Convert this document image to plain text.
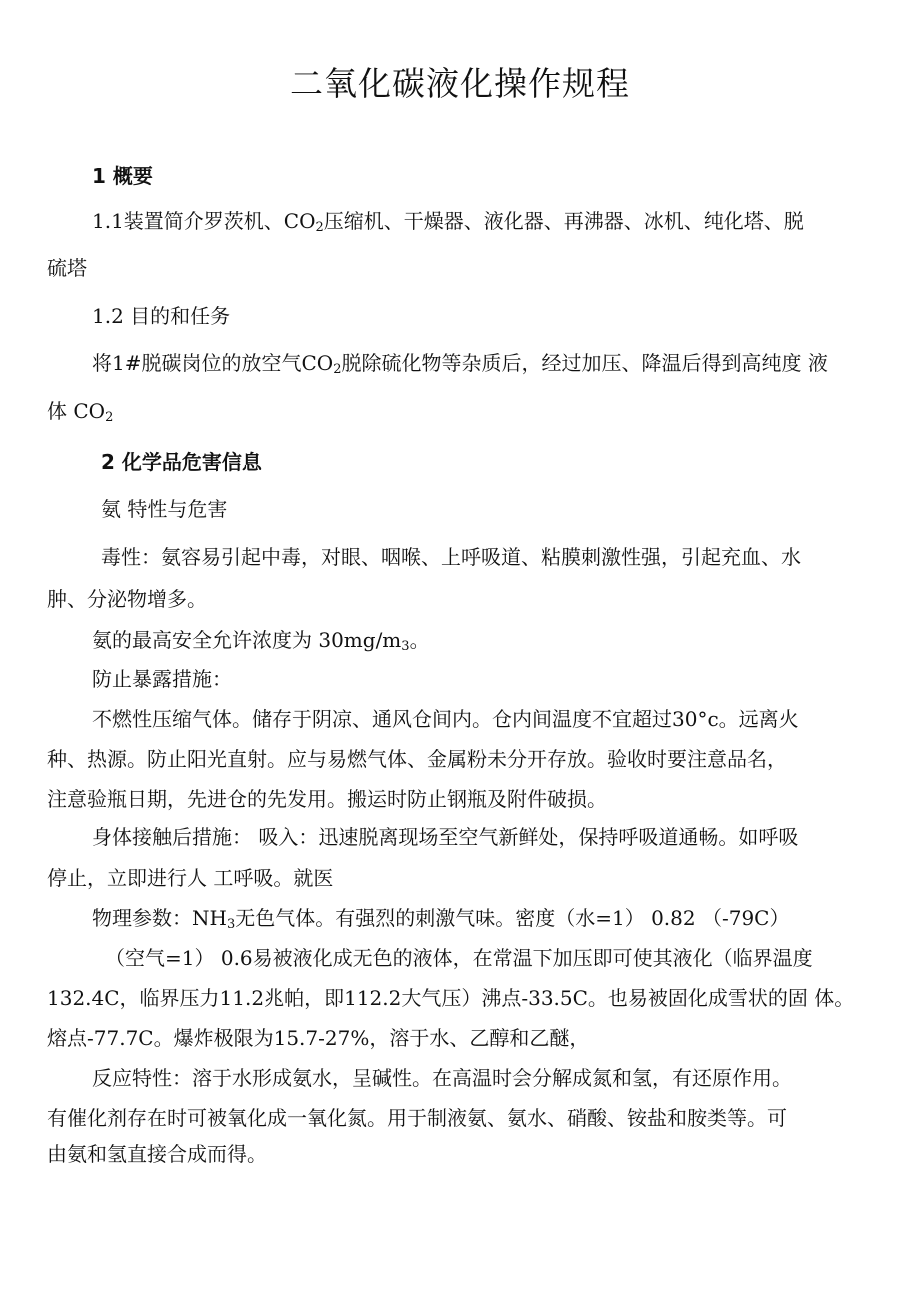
二氧化碳液化操作规程
1 概要
1.1装置简介罗茨机、$CO_2$压缩机、干燥器、液化器、再沸器、冰机、纯化塔、脱
硫塔
1.2 目的和任务
将1#脱碳岗位的放空气$CO_2$脱除硫化物等杂质后，经过加压、降温后得到高纯度 液
体 $CO_2$
2 化学品危害信息
氨 特性与危害
毒性：氨容易引起中毒，对眼、咽喉、上呼吸道、粘膜刺激性强，引起充血、水
肿、分泌物增多。
氨的最高安全允许浓度为 $30mg/m_3$。
防止暴露措施：
不燃性压缩气体。储存于阴凉、通风仓间内。仓内间温度不宜超过30°c。远离火
种、热源。防止阳光直射。应与易燃气体、金属粉未分开存放。验收时要注意品名，
注意验瓶日期，先进仓的先发用。搬运时防止钢瓶及附件破损。
身体接触后措施： 吸入：迅速脱离现场至空气新鲜处，保持呼吸道通畅。如呼吸
停止，立即进行人 工呼吸。就医
物理参数：$NH_3$无色气体。有强烈的刺激气味。密度（水=1） 0.82 （-79C）
（空气=1） 0.6易被液化成无色的液体，在常温下加压即可使其液化（临界温度
132.4C，临界压力11.2兆帕，即112.2大气压）沸点-33.5C。也易被固化成雪状的固 体。
熔点-77.7C。爆炸极限为15.7-27%，溶于水、乙醇和乙醚，
反应特性：溶于水形成氨水，呈碱性。在高温时会分解成氮和氢，有还原作用。
有催化剂存在时可被氧化成一氧化氮。用于制液氨、氨水、硝酸、铵盐和胺类等。可
由氨和氢直接合成而得。
